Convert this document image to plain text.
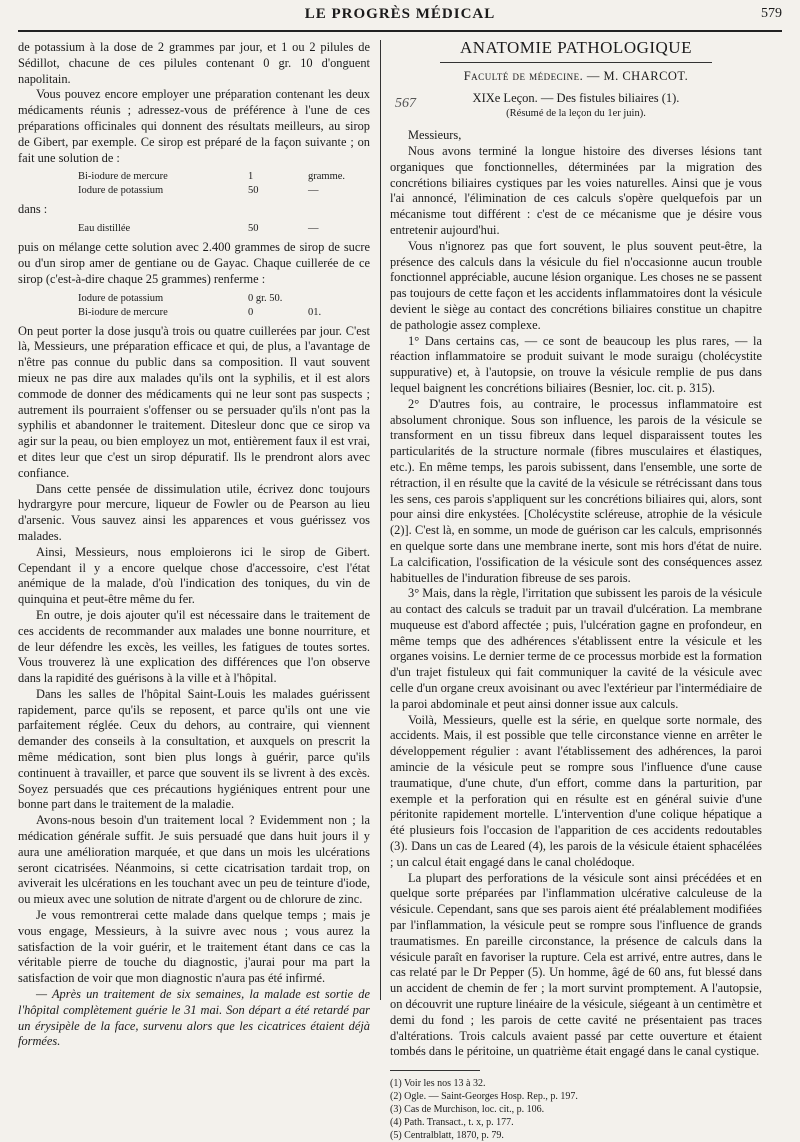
LE PROGRÈS MÉDICAL	579

de potassium à la dose de 2 grammes par jour, et 1 ou 2 pilules de Sédillot, chacune de ces pilules contenant 0 gr. 10 d'onguent napolitain.

Vous pouvez encore employer une préparation contenant les deux médicaments réunis ; adressez-vous de préférence à l'une de ces préparations officinales qui donnent des résultats meilleurs, au sirop de Gibert, par exemple. Ce sirop est préparé de la façon suivante ; on fait une solution de :

Bi-iodure de mercure	1	gramme.
Iodure de potassium	50	—
dans :
Eau distillée	50	—

puis on mélange cette solution avec 2.400 grammes de sirop de sucre ou d'un sirop amer de gentiane ou de Gayac. Chaque cuillerée de ce sirop (c'est-à-dire chaque 25 grammes) renferme :

Iodure de potassium	0 gr. 50.
Bi-iodure de mercure	0	01.

On peut porter la dose jusqu'à trois ou quatre cuillerées par jour. C'est là, Messieurs, une préparation efficace et qui, de plus, a l'avantage de n'être pas connue du public dans sa composition. Il vaut souvent mieux ne pas dire aux malades qu'ils ont la syphilis, et il est alors commode de donner des médicaments qui ne leur sont pas suspects ; autrement ils pourraient s'offenser ou se persuader qu'ils n'ont pas la syphilis et abandonner le traitement. Ditesleur donc que ce sirop va agir sur la peau, ou bien employez un mot, entièrement faux il est vrai, et dites leur que c'est un sirop dépuratif. Ils le prendront alors avec confiance.

Dans cette pensée de dissimulation utile, écrivez donc toujours hydrargyre pour mercure, liqueur de Fowler ou de Pearson au lieu d'arsenic. Vous sauvez ainsi les apparences et vous guérissez vos malades.

Ainsi, Messieurs, nous emploierons ici le sirop de Gibert. Cependant il y a encore quelque chose d'accessoire, c'est l'état anémique de la malade, d'où l'indication des toniques, du vin de quinquina et peut-être même du fer.

En outre, je dois ajouter qu'il est nécessaire dans le traitement de ces accidents de recommander aux malades une bonne nourriture, et de leur défendre les excès, les veilles, les fatigues de toutes sortes. Vous trouverez là une explication des différences que l'on observe dans la rapidité des guérisons à la ville et à l'hôpital.

Dans les salles de l'hôpital Saint-Louis les malades guérissent rapidement, parce qu'ils se reposent, et parce qu'ils ont une vie parfaitement réglée. Ceux du dehors, au contraire, qui viennent demander des conseils à la consultation, et auxquels on prescrit la même médication, sont bien plus longs à guérir, parce qu'ils continuent à travailler, et parce que souvent ils se livrent à des excès. Soyez persuadés que ces précautions hygiéniques entrent pour une bonne part dans le traitement de la maladie.

Avons-nous besoin d'un traitement local ? Evidemment non ; la médication générale suffit. Je suis persuadé que dans huit jours il y aura une amélioration marquée, et que dans un mois les ulcérations seront cicatrisées. Néanmoins, si cette cicatrisation tardait trop, on aviverait les ulcérations en les touchant avec un peu de teinture d'iode, ou mieux avec une solution de nitrate d'argent ou de chlorure de zinc.

Je vous remontrerai cette malade dans quelque temps ; mais je vous engage, Messieurs, à la suivre avec nous ; vous aurez la satisfaction de la voir guérir, et le traitement étant dans ce cas la véritable pierre de touche du diagnostic, j'aurai pour ma part la satisfaction de voir que mon diagnostic n'aura pas été infirmé.

— Après un traitement de six semaines, la malade est sortie de l'hôpital complètement guérie le 31 mai. Son départ a été retardé par un érysipèle de la face, survenu alors que les cicatrices étaient déjà formées.

567
ANATOMIE PATHOLOGIQUE
Faculté de médecine. — M. CHARCOT.
XIXe Leçon. — Des fistules biliaires (1).
(Résumé de la leçon du 1er juin).

Messieurs,

Nous avons terminé la longue histoire des diverses lésions tant organiques que fonctionnelles, déterminées par la migration des concrétions biliaires cystiques par les voies naturelles. Ainsi que je vous l'ai annoncé, l'élimination de ces calculs s'opère quelquefois par un mécanisme tout différent : c'est de ce mécanisme que je désire vous entretenir aujourd'hui.

Vous n'ignorez pas que fort souvent, le plus souvent peut-être, la présence des calculs dans la vésicule du fiel n'occasionne aucun trouble fonctionnel appréciable, aucune lésion organique. Les choses ne se passent pas toujours de cette façon et les accidents inflammatoires dont la vésicule devient le siège au contact des concrétions biliaires constitue un chapitre de pathologie assez complexe.

1° Dans certains cas, — ce sont de beaucoup les plus rares, — la réaction inflammatoire se produit suivant le mode suraigu (cholécystite suppurative) et, à l'autopsie, on trouve la vésicule remplie de pus dans lequel baignent les concrétions biliaires (Besnier, loc. cit. p. 315).

2° D'autres fois, au contraire, le processus inflammatoire est absolument chronique. Sous son influence, les parois de la vésicule se transforment en un tissu fibreux dans lequel disparaissent toutes les particularités de la structure normale (fibres musculaires et élastiques, etc.). En même temps, les parois subissent, dans l'ensemble, une sorte de rétraction, il en résulte que la cavité de la vésicule se rétrécissant dans tous les sens, ces parois s'appliquent sur les concrétions biliaires qui, alors, sont pour ainsi dire enkystées. [Cholécystite scléreuse, atrophie de la vésicule (2)]. C'est là, en somme, un mode de guérison car les calculs, emprisonnés en quelque sorte dans une membrane inerte, sont mis hors d'état de nuire. La calcification, l'ossification de la vésicule sont des conséquences assez habituelles de l'induration fibreuse de ses parois.

3° Mais, dans la règle, l'irritation que subissent les parois de la vésicule au contact des calculs se traduit par un travail d'ulcération. La membrane muqueuse est d'abord affectée ; puis, l'ulcération gagne en profondeur, en même temps que des adhérences s'établissent entre la vésicule et les organes voisins. Le dernier terme de ce processus morbide est la formation d'un trajet fistuleux qui fait communiquer la cavité de la vésicule avec celle d'un organe creux avoisinant ou avec l'extérieur par l'intermédiaire de la paroi abdominale et peut ainsi donner issue aux calculs.

Voilà, Messieurs, quelle est la série, en quelque sorte normale, des accidents. Mais, il est possible que telle circonstance vienne en arrêter le développement régulier : avant l'établissement des adhérences, la paroi amincie de la vésicule peut se rompre sous l'influence d'une cause traumatique, d'une chute, d'un effort, comme dans la parturition, par exemple et la perforation qui en résulte est en général suivie d'une péritonite rapidement mortelle. L'intervention d'une colique hépatique a été plusieurs fois l'occasion de l'apparition de ces accidents redoutables (3). Dans un cas de Leared (4), les parois de la vésicule étaient sphacélées ; un calcul était engagé dans le canal cholédoque.

La plupart des perforations de la vésicule sont ainsi précédées et en quelque sorte préparées par l'inflammation ulcérative calculeuse de la vésicule. Cependant, sans que ses parois aient été préalablement modifiées par l'inflammation, la vésicule peut se rompre sous l'influence de grands traumatismes. En pareille circonstance, la présence de calculs dans la vésicule paraît en favoriser la rupture. Cela est arrivé, entre autres, dans le cas relaté par le Dr Pepper (5). Un homme, âgé de 60 ans, fut blessé dans un accident de chemin de fer ; la mort survint promptement. A l'autopsie, on découvrit une rupture linéaire de la vésicule, siégeant à un centimètre et demi du fond ; les parois de cette cavité ne présentaient pas traces d'altérations. Trois calculs avaient passé par cette ouverture et étaient tombés dans le péritoine, un quatrième était engagé dans le canal cystique.

(1) Voir les nos 13 à 32.
(2) Ogle. — Saint-Georges Hosp. Rep., p. 197.
(3) Cas de Murchison, loc. cit., p. 106.
(4) Path. Transact., t. x, p. 177.
(5) Centralblatt, 1870, p. 79.
